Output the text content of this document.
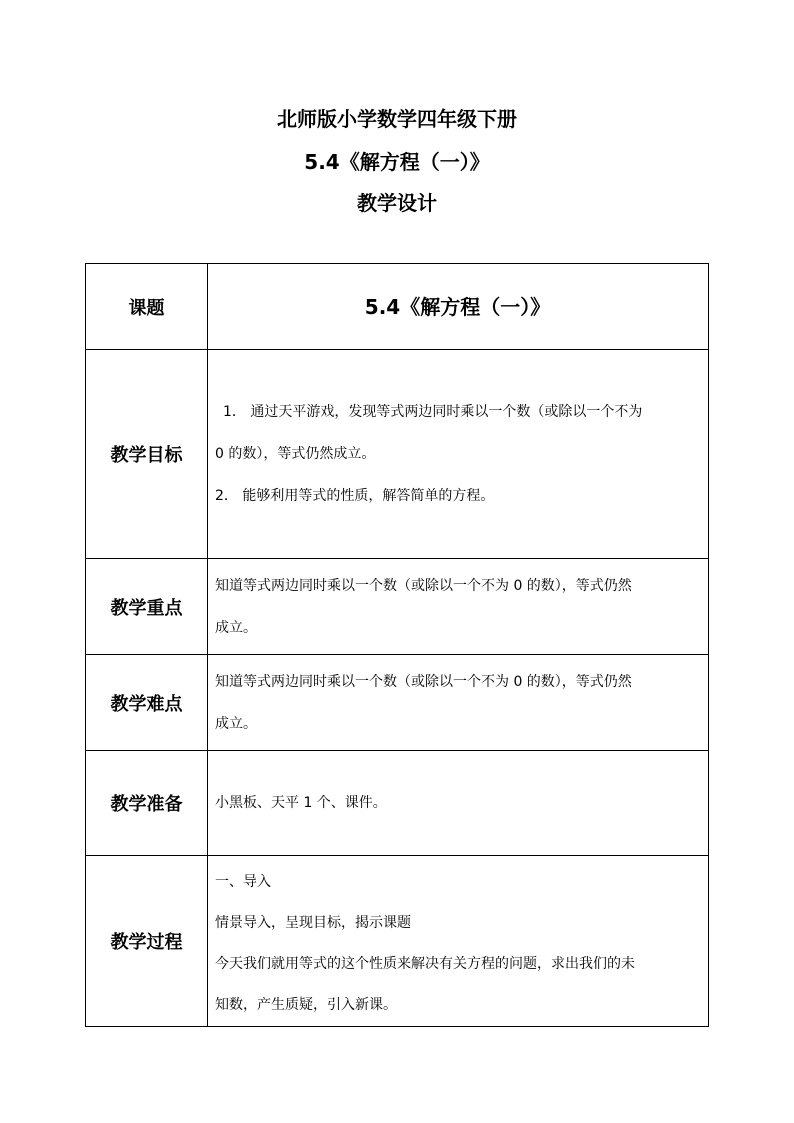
北师版小学数学四年级下册
5.4《解方程（一）》
教学设计
课题	5.4《解方程（一）》
教学目标	1． 通过天平游戏，发现等式两边同时乘以一个数（或除以一个不为
0 的数），等式仍然成立。
2． 能够利用等式的性质，解答简单的方程。

教学重点	知道等式两边同时乘以一个数（或除以一个不为 0 的数），等式仍然
成立。

教学难点	知道等式两边同时乘以一个数（或除以一个不为 0 的数），等式仍然
成立。

教学准备	小黑板、天平 1 个、课件。

教学过程	一、导入
情景导入，呈现目标，揭示课题
今天我们就用等式的这个性质来解决有关方程的问题，求出我们的未
知数，产生质疑，引入新课。
